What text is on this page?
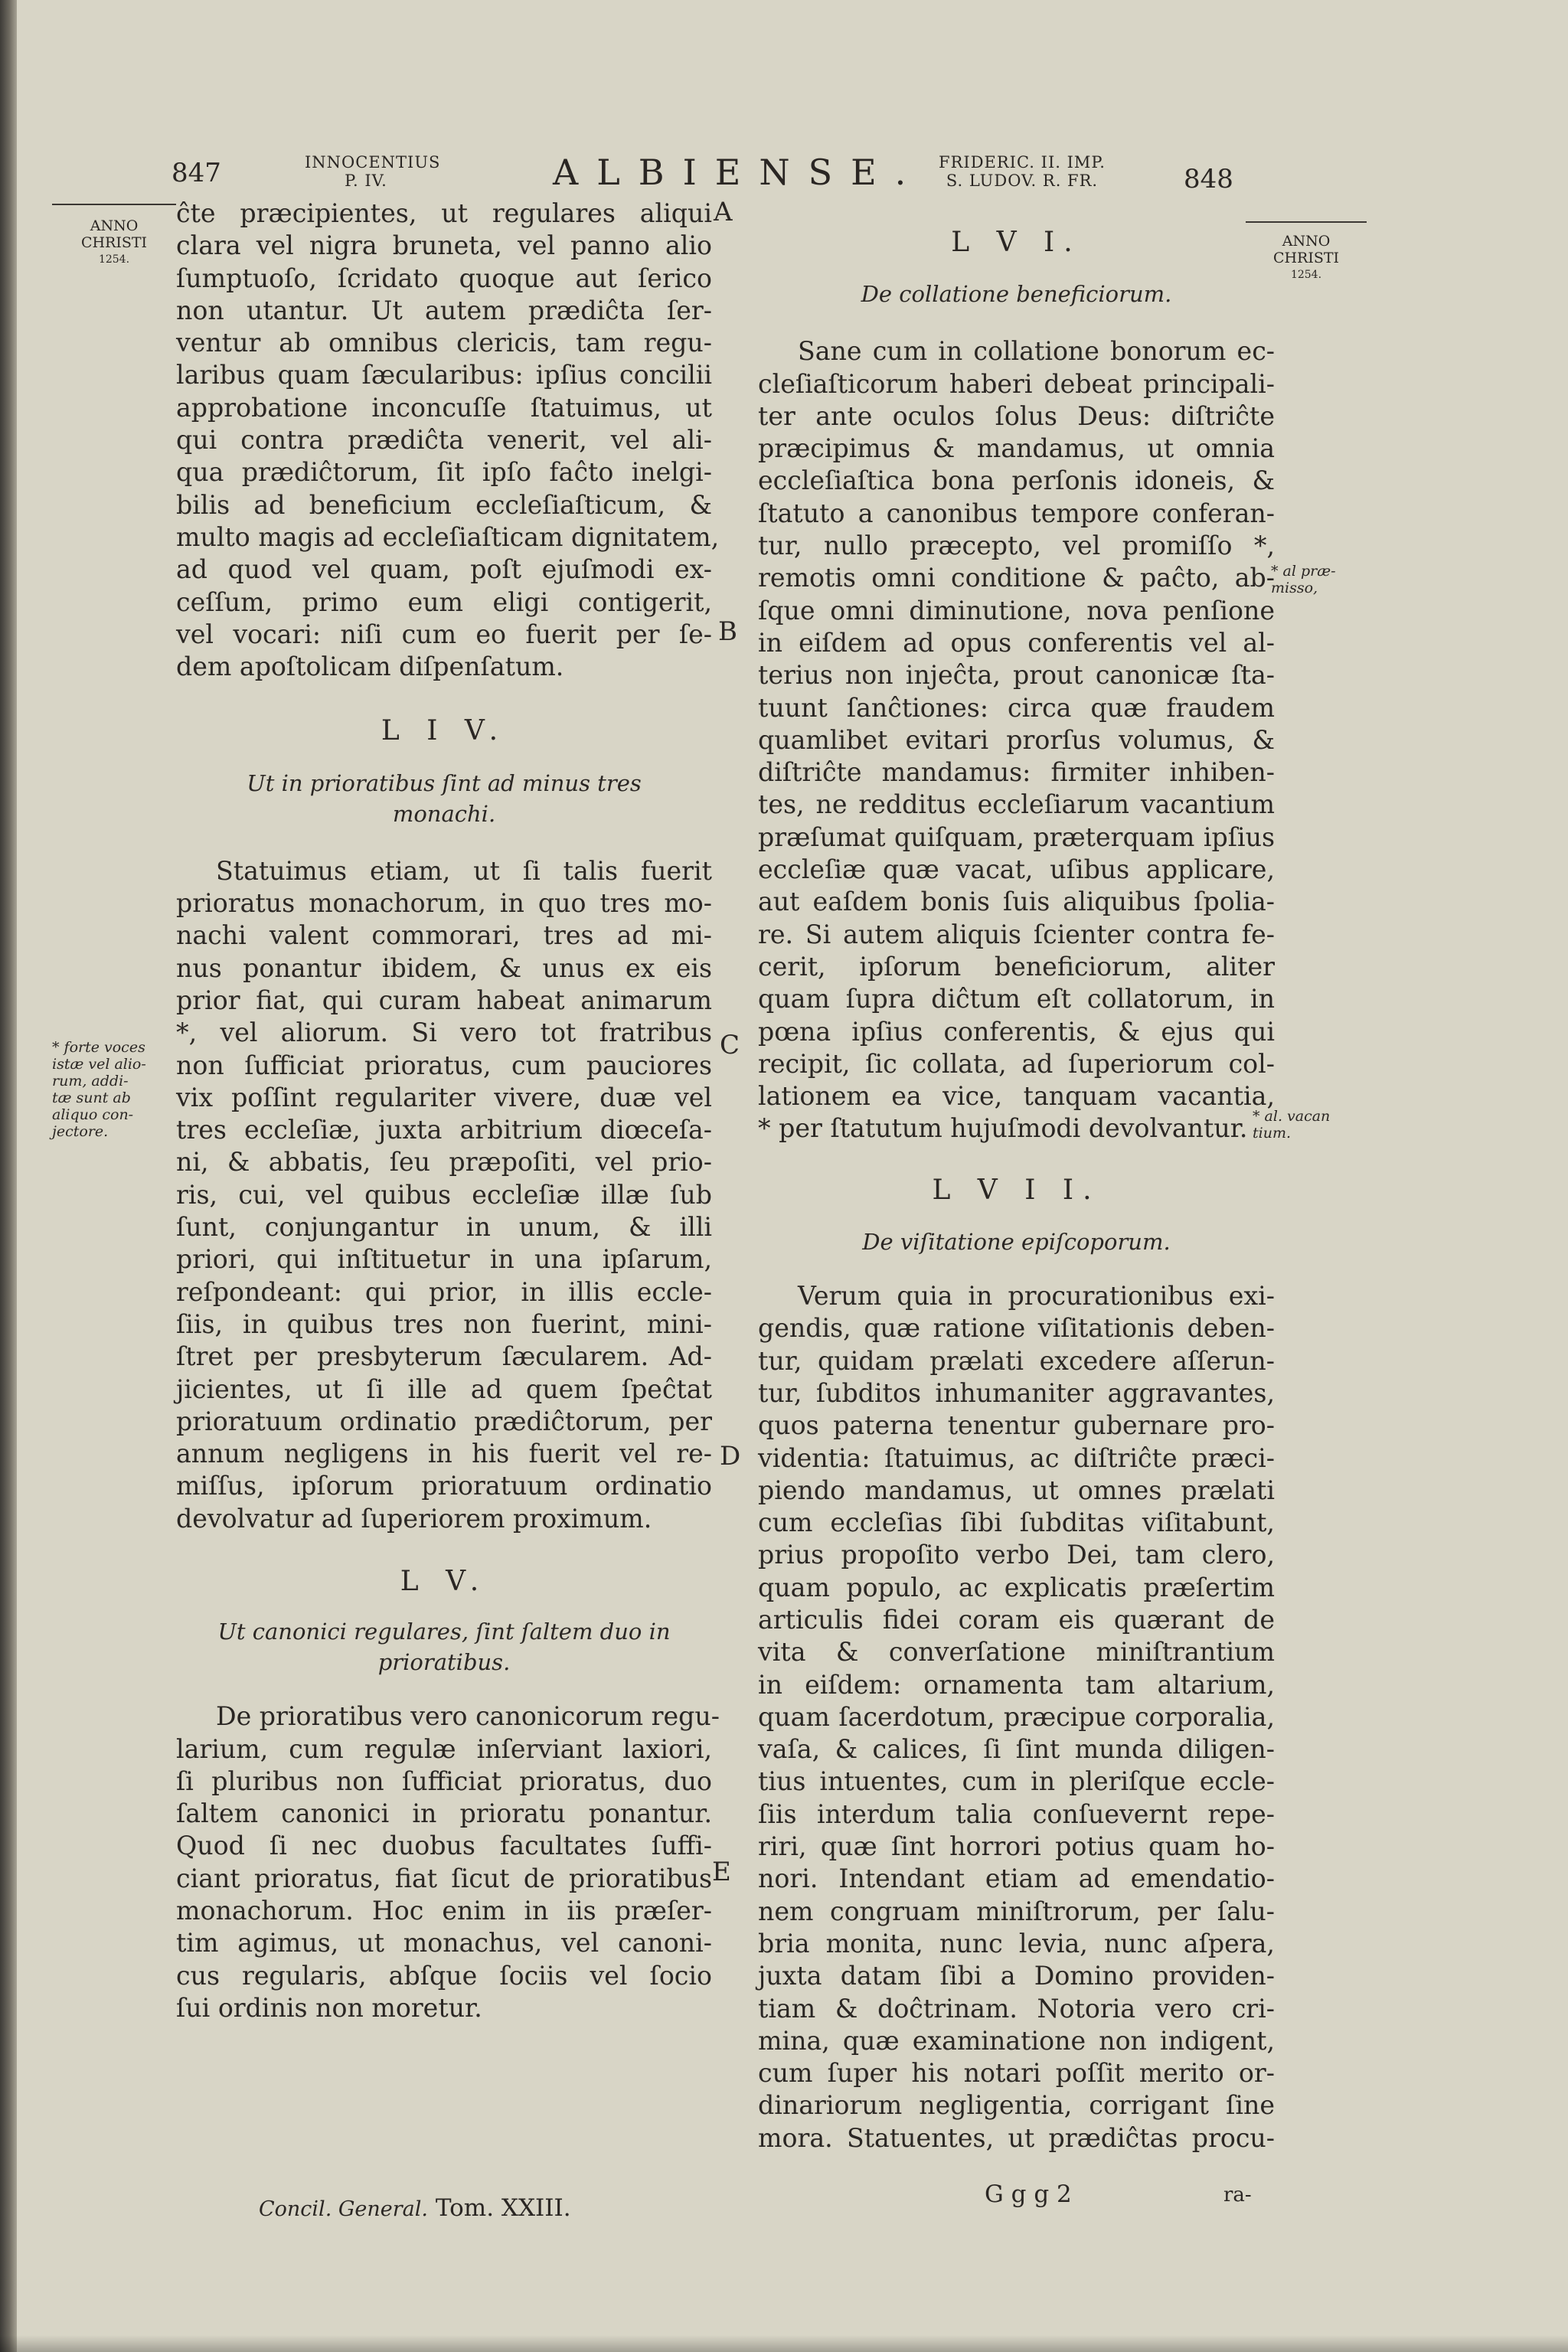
847	INNOCENTIUS
P. IV.	ALBIENSE. FRIDERIC. II. IMP.
S. LUDOV. R. FR.	848
ANNO
CHRISTI
1254.
ANNO
CHRISTI
1254.
A
B
C
D
E
* forte voces
istæ vel alio-
rum, addi-
tæ sunt ab
aliquo con-
jectore.
* al præ-
misso,
* al. vacan
tium.
ĉte præcipientes, ut regulares aliqui
clara vel nigra bruneta, vel panno alio
ſumptuoſo, ſcridato quoque aut ſerico
non utantur. Ut autem prædiĉta ſer-
ventur ab omnibus clericis, tam regu-
laribus quam ſæcularibus: ipſius concilii
approbatione inconcuſſe ſtatuimus, ut
qui contra prædiĉta venerit, vel ali-
qua prædiĉtorum, ſit ipſo faĉto inelgi-
bilis ad beneficium eccleſiaſticum, &
multo magis ad eccleſiaſticam dignitatem,
ad quod vel quam, poſt ejuſmodi ex-
ceſſum, primo eum eligi contigerit,
vel vocari: niſi cum eo fuerit per ſe-
dem apoſtolicam diſpenſatum.
L I V.
Ut in prioratibus ſint ad minus tres
monachi.
Statuimus etiam, ut ſi talis fuerit
prioratus monachorum, in quo tres mo-
nachi valent commorari, tres ad mi-
nus ponantur ibidem, & unus ex eis
prior fiat, qui curam habeat animarum
*, vel aliorum. Si vero tot fratribus
non ſufficiat prioratus, cum pauciores
vix poſſint regulariter vivere, duæ vel
tres eccleſiæ, juxta arbitrium diœceſa-
ni, & abbatis, ſeu præpoſiti, vel prio-
ris, cui, vel quibus eccleſiæ illæ ſub
ſunt, conjungantur in unum, & illi
priori, qui inſtituetur in una ipſarum,
reſpondeant: qui prior, in illis eccle-
ſiis, in quibus tres non fuerint, mini-
ſtret per presbyterum ſæcularem. Ad-
jicientes, ut ſi ille ad quem ſpeĉtat
prioratuum ordinatio prædiĉtorum, per
annum negligens in his fuerit vel re-
miſſus, ipſorum prioratuum ordinatio
devolvatur ad ſuperiorem proximum.
L V.
Ut canonici regulares, ſint ſaltem duo in
prioratibus.
De prioratibus vero canonicorum regu-
larium, cum regulæ inſerviant laxiori,
ſi pluribus non ſufficiat prioratus, duo
ſaltem canonici in prioratu ponantur.
Quod ſi nec duobus facultates ſuffi-
ciant prioratus, fiat ſicut de prioratibus
monachorum. Hoc enim in iis præſer-
tim agimus, ut monachus, vel canoni-
cus regularis, abſque ſociis vel ſocio
ſui ordinis non moretur.
L V I.
De collatione beneficiorum.
Sane cum in collatione bonorum ec-
cleſiaſticorum haberi debeat principali-
ter ante oculos ſolus Deus: diſtriĉte
præcipimus & mandamus, ut omnia
eccleſiaſtica bona perſonis idoneis, &
ſtatuto a canonibus tempore conferan-
tur, nullo præcepto, vel promiſſo *,
remotis omni conditione & paĉto, ab-
ſque omni diminutione, nova penſione
in eiſdem ad opus conferentis vel al-
terius non injeĉta, prout canonicæ ſta-
tuunt ſanĉtiones: circa quæ fraudem
quamlibet evitari prorſus volumus, &
diſtriĉte mandamus: firmiter inhiben-
tes, ne redditus eccleſiarum vacantium
præſumat quiſquam, præterquam ipſius
eccleſiæ quæ vacat, uſibus applicare,
aut eaſdem bonis ſuis aliquibus ſpolia-
re. Si autem aliquis ſcienter contra fe-
cerit, ipſorum beneficiorum, aliter
quam ſupra diĉtum eſt collatorum, in
pœna ipſius conferentis, & ejus qui
recipit, ſic collata, ad ſuperiorum col-
lationem ea vice, tanquam vacantia,
* per ſtatutum hujuſmodi devolvantur.
L V I I.
De viſitatione epiſcoporum.
Verum quia in procurationibus exi-
gendis, quæ ratione viſitationis deben-
tur, quidam prælati excedere aſſerun-
tur, ſubditos inhumaniter aggravantes,
quos paterna tenentur gubernare pro-
videntia: ſtatuimus, ac diſtriĉte præci-
piendo mandamus, ut omnes prælati
cum eccleſias ſibi ſubditas viſitabunt,
prius propoſito verbo Dei, tam clero,
quam populo, ac explicatis præſertim
articulis fidei coram eis quærant de
vita & converſatione miniſtrantium
in eiſdem: ornamenta tam altarium,
quam ſacerdotum, præcipue corporalia,
vaſa, & calices, ſi ſint munda diligen-
tius intuentes, cum in pleriſque eccle-
ſiis interdum talia conſuevernt repe-
riri, quæ ſint horrori potius quam ho-
nori. Intendant etiam ad emendatio-
nem congruam miniſtrorum, per ſalu-
bria monita, nunc levia, nunc aſpera,
juxta datam ſibi a Domino providen-
tiam & doĉtrinam. Notoria vero cri-
mina, quæ examinatione non indigent,
cum ſuper his notari poſſit merito or-
dinariorum negligentia, corrigant ſine
mora. Statuentes, ut prædiĉtas procu-
Concil. General. Tom. XXIII.	G g g 2	ra-
